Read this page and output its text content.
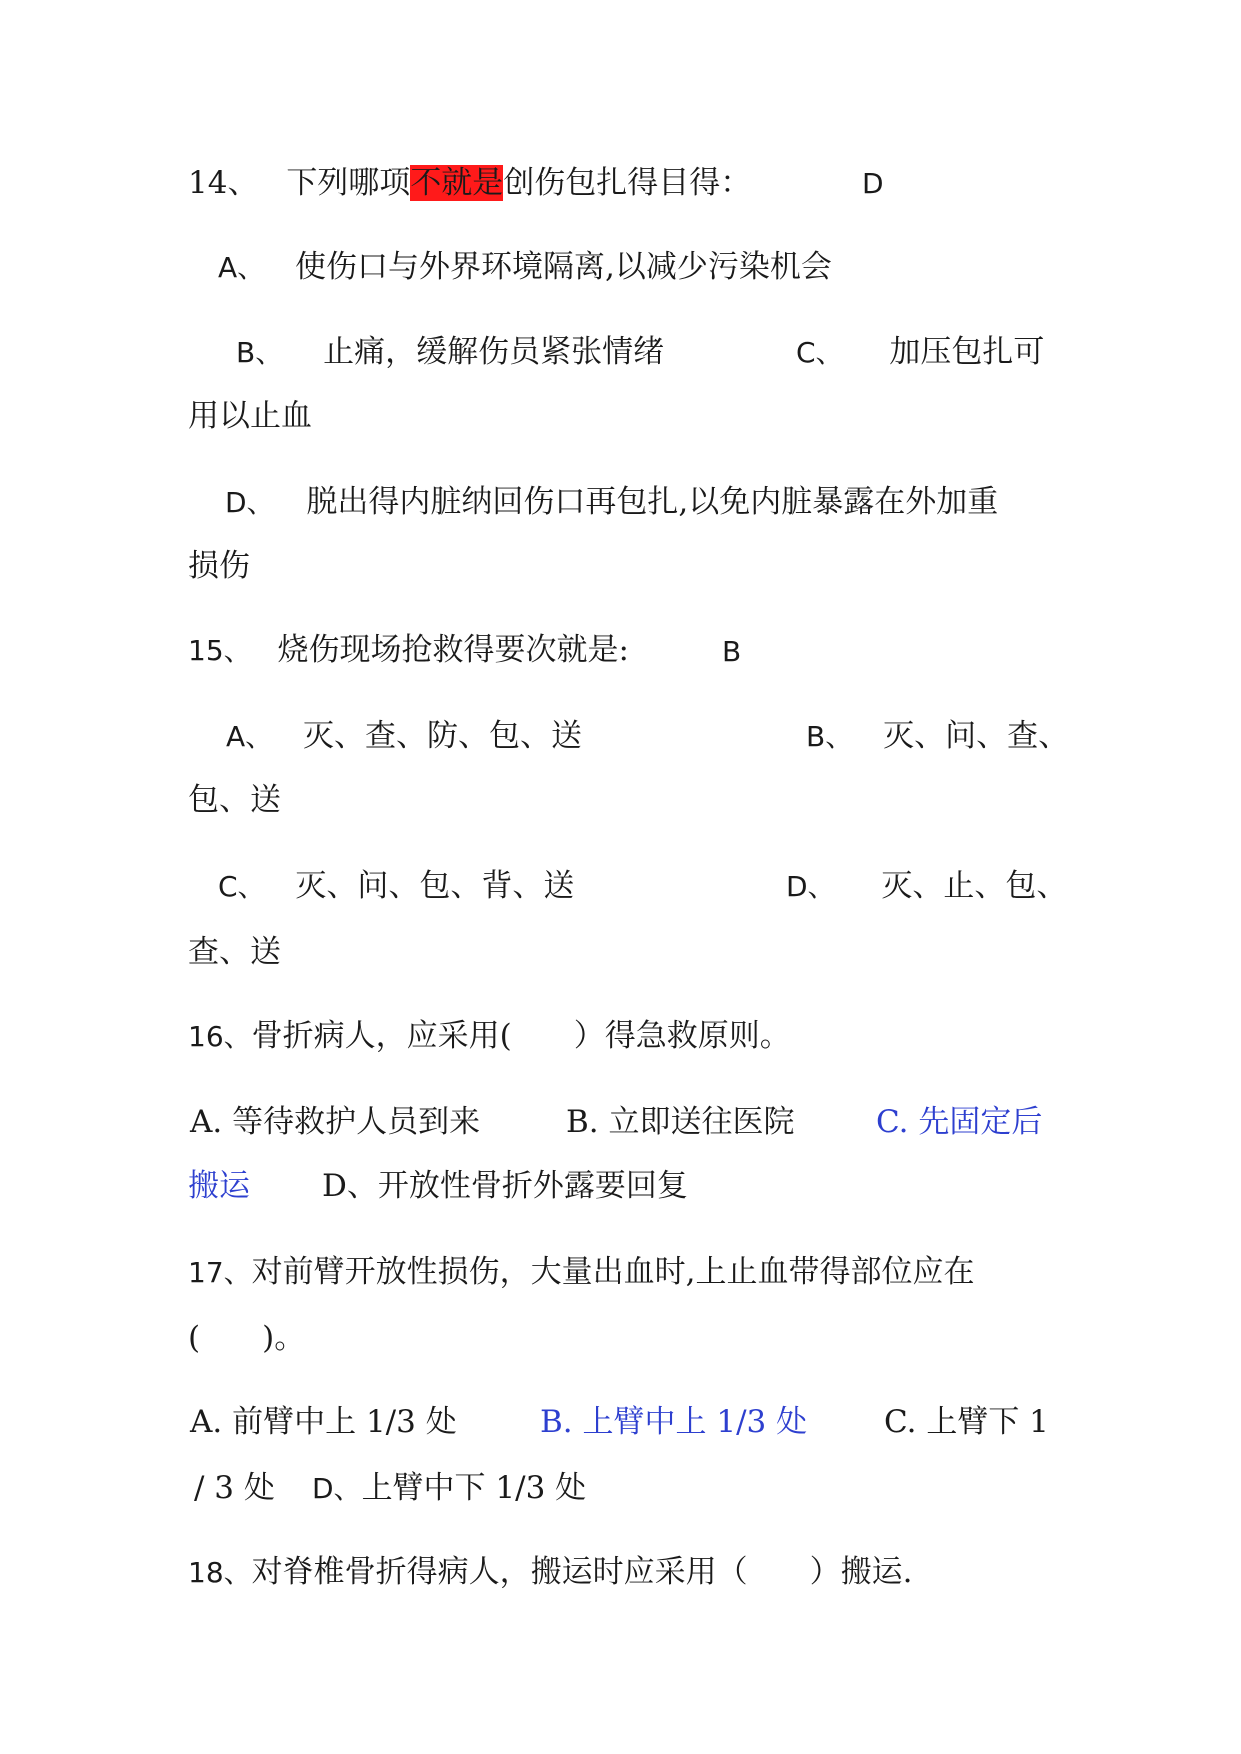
14、 下列哪项不就是创伤包扎得目得：	D
A、 使伤口与外界环境隔离,以减少污染机会
B、 止痛，缓解伤员紧张情绪	C、 加压包扎可
用以止血
D、 脱出得内脏纳回伤口再包扎,以免内脏暴露在外加重
损伤
15、 烧伤现场抢救得要次就是:	B
A、 灭、查、防、包、送	B、 灭、问、查、
包、送
C、 灭、问、包、背、送	D、 灭、止、包、
查、送
16、骨折病人，应采用(　　）得急救原则。
A. 等待救护人员到来	B. 立即送往医院	C. 先固定后
搬运 D、开放性骨折外露要回复
17、对前臂开放性损伤，大量出血时,上止血带得部位应在
(　　)。
A. 前臂中上 1/3 处	B. 上臂中上 1/3 处 C. 上臂下 1
/ 3 处 D、上臂中下 1/3 处
18、对脊椎骨折得病人，搬运时应采用（　　）搬运.
